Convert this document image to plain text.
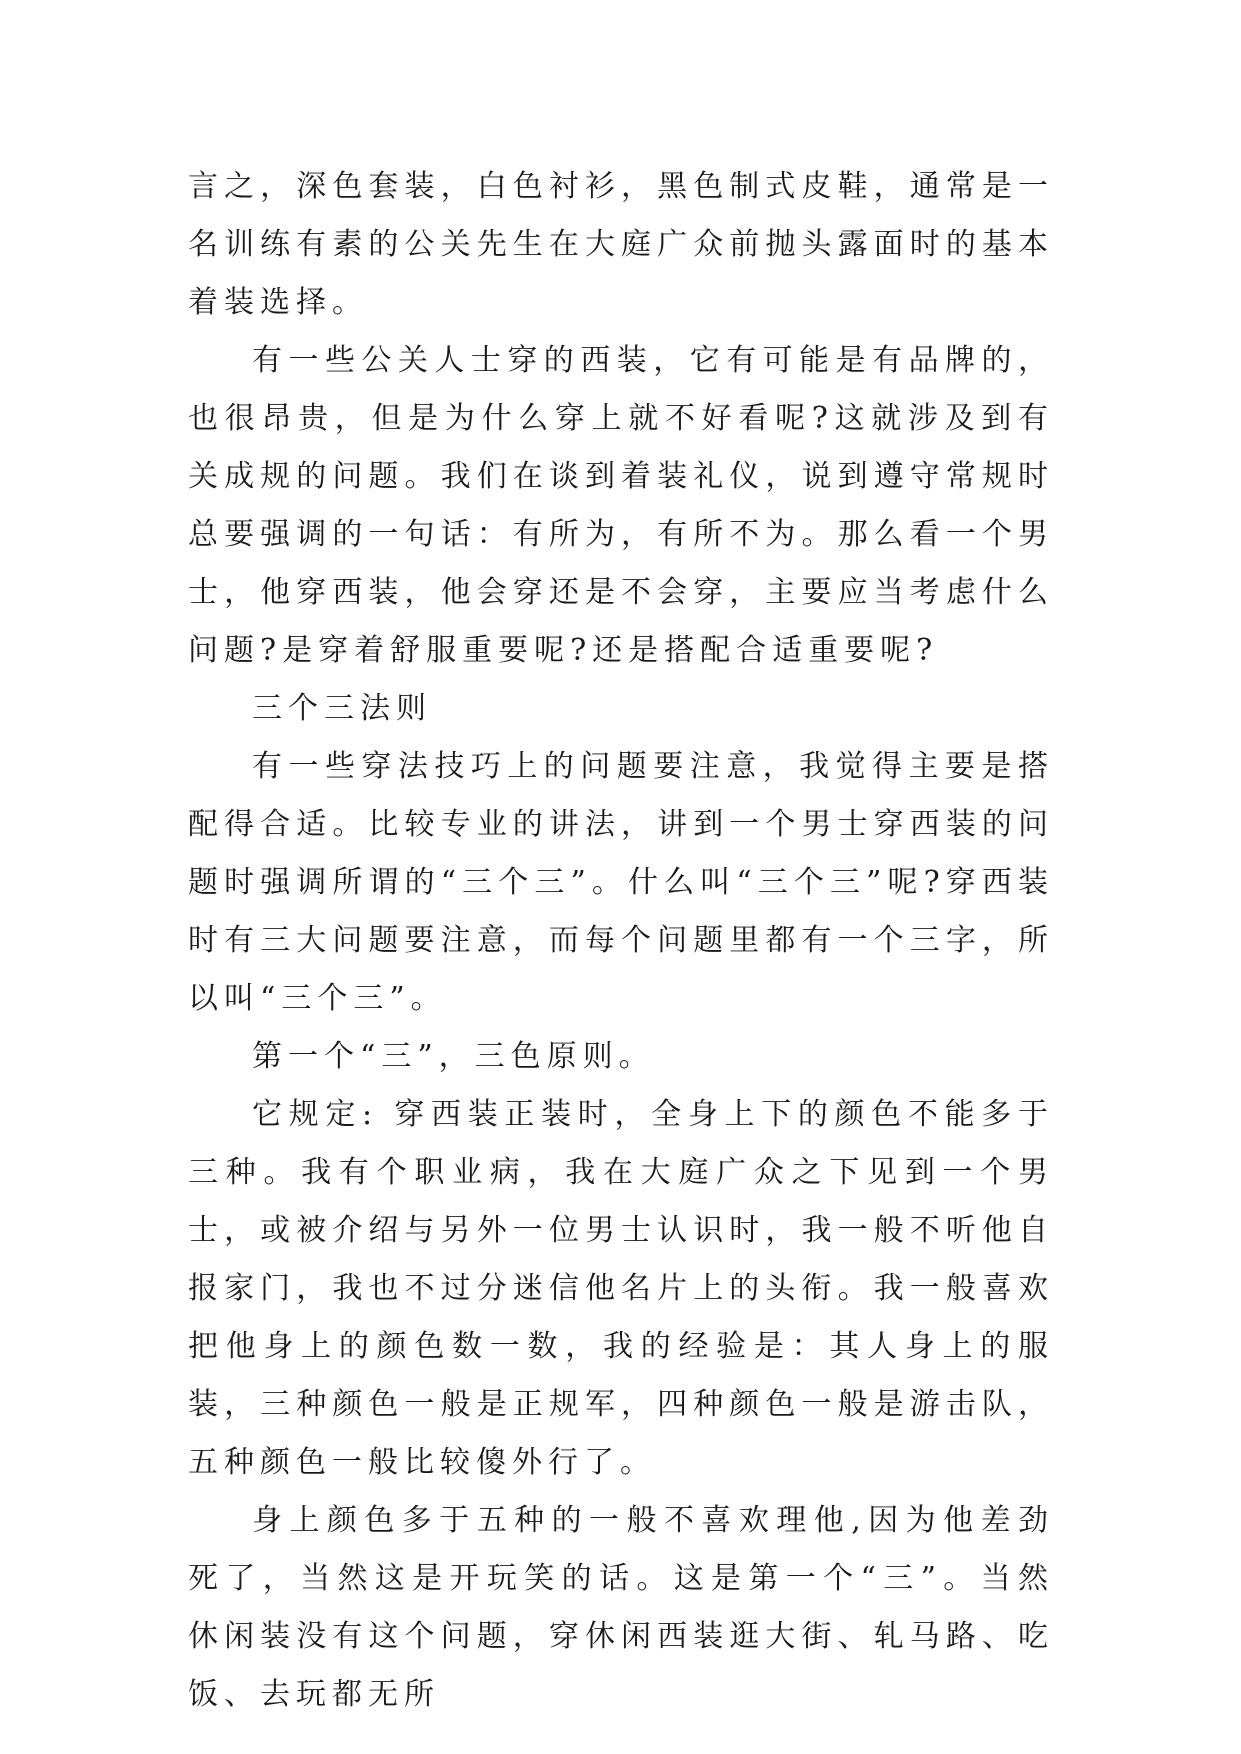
言之，深色套装，白色衬衫，黑色制式皮鞋，通常是一名训练有素的公关先生在大庭广众前抛头露面时的基本着装选择。

有一些公关人士穿的西装，它有可能是有品牌的，也很昂贵，但是为什么穿上就不好看呢?这就涉及到有关成规的问题。我们在谈到着装礼仪，说到遵守常规时总要强调的一句话：有所为，有所不为。那么看一个男士，他穿西装，他会穿还是不会穿，主要应当考虑什么问题?是穿着舒服重要呢?还是搭配合适重要呢?

三个三法则

有一些穿法技巧上的问题要注意，我觉得主要是搭配得合适。比较专业的讲法，讲到一个男士穿西装的问题时强调所谓的“三个三”。什么叫“三个三”呢?穿西装时有三大问题要注意，而每个问题里都有一个三字，所以叫“三个三”。

第一个“三”，三色原则。

它规定: 穿西装正装时，全身上下的颜色不能多于三种。我有个职业病，我在大庭广众之下见到一个男士，或被介绍与另外一位男士认识时，我一般不听他自报家门，我也不过分迷信他名片上的头衔。我一般喜欢把他身上的颜色数一数，我的经验是：其人身上的服装，三种颜色一般是正规军，四种颜色一般是游击队，五种颜色一般比较傻外行了。

身上颜色多于五种的一般不喜欢理他,因为他差劲死了，当然这是开玩笑的话。这是第一个“三”。当然休闲装没有这个问题，穿休闲西装逛大街、轧马路、吃饭、去玩都无所
